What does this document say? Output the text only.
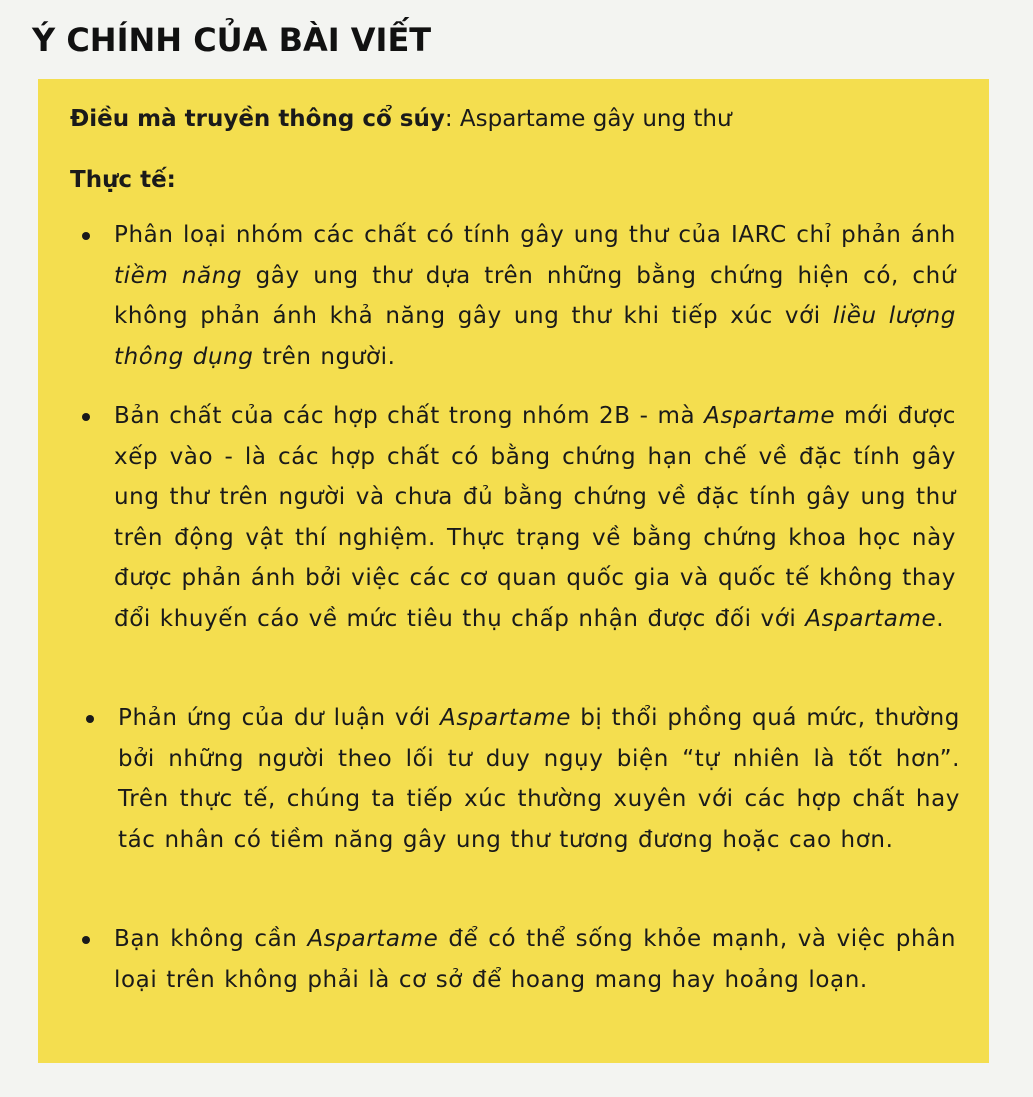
Ý CHÍNH CỦA BÀI VIẾT

Điều mà truyền thông cổ súy: Aspartame gây ung thư

Thực tế:

Phân loại nhóm các chất có tính gây ung thư của IARC chỉ phản ánh tiềm năng gây ung thư dựa trên những bằng chứng hiện có, chứ không phản ánh khả năng gây ung thư khi tiếp xúc với liều lượng thông dụng trên người.
Bản chất của các hợp chất trong nhóm 2B - mà Aspartame mới được xếp vào - là các hợp chất có bằng chứng hạn chế về đặc tính gây ung thư trên người và chưa đủ bằng chứng về đặc tính gây ung thư trên động vật thí nghiệm. Thực trạng về bằng chứng khoa học này được phản ánh bởi việc các cơ quan quốc gia và quốc tế không thay đổi khuyến cáo về mức tiêu thụ chấp nhận được đối với Aspartame.
Phản ứng của dư luận với Aspartame bị thổi phồng quá mức, thường bởi những người theo lối tư duy ngụy biện “tự nhiên là tốt hơn”. Trên thực tế, chúng ta tiếp xúc thường xuyên với các hợp chất hay tác nhân có tiềm năng gây ung thư tương đương hoặc cao hơn.
Bạn không cần Aspartame để có thể sống khỏe mạnh, và việc phân loại trên không phải là cơ sở để hoang mang hay hoảng loạn.
